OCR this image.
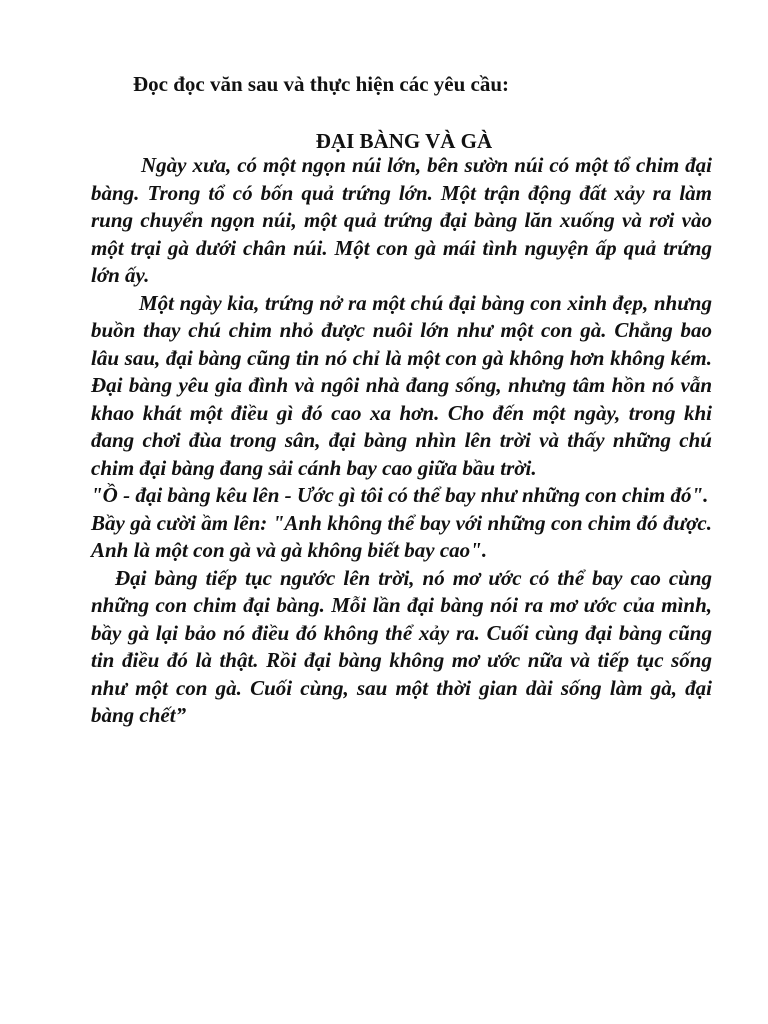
Đọc đọc văn sau và thực hiện các yêu cầu:
ĐẠI BÀNG VÀ GÀ

Ngày xưa, có một ngọn núi lớn, bên sườn núi có một tổ chim đại bàng. Trong tổ có bốn quả trứng lớn. Một trận động đất xảy ra làm rung chuyển ngọn núi, một quả trứng đại bàng lăn xuống và rơi vào một trại gà dưới chân núi. Một con gà mái tình nguyện ấp quả trứng lớn ấy.

Một ngày kia, trứng nở ra một chú đại bàng con xinh đẹp, nhưng buồn thay chú chim nhỏ được nuôi lớn như một con gà. Chẳng bao lâu sau, đại bàng cũng tin nó chỉ là một con gà không hơn không kém. Đại bàng yêu gia đình và ngôi nhà đang sống, nhưng tâm hồn nó vẫn khao khát một điều gì đó cao xa hơn. Cho đến một ngày, trong khi đang chơi đùa trong sân, đại bàng nhìn lên trời và thấy những chú chim đại bàng đang sải cánh bay cao giữa bầu trời.

"Ồ - đại bàng kêu lên - Ước gì tôi có thể bay như những con chim đó".

Bầy gà cười ầm lên: "Anh không thể bay với những con chim đó được. Anh là một con gà và gà không biết bay cao".

Đại bàng tiếp tục ngước lên trời, nó mơ ước có thể bay cao cùng những con chim đại bàng. Mỗi lần đại bàng nói ra mơ ước của mình, bầy gà lại bảo nó điều đó không thể xảy ra. Cuối cùng đại bàng cũng tin điều đó là thật. Rồi đại bàng không mơ ước nữa và tiếp tục sống như một con gà. Cuối cùng, sau một thời gian dài sống làm gà, đại bàng chết”
